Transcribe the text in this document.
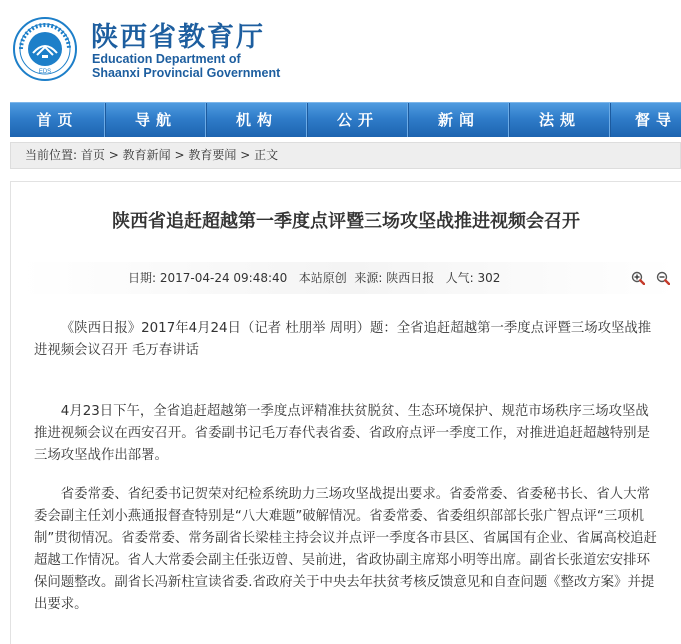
EDS
陕西省教育厅
Education Department of
Shaanxi Provincial Government
首页	导航	机构	公开	新闻	法规	督导
当前位置: 首页 > 教育新闻 > 教育要闻 > 正文
陕西省追赶超越第一季度点评暨三场攻坚战推进视频会召开
日期: 2017-04-24 09:48:40   本站原创  来源: 陕西日报   人气: 302

《陕西日报》2017年4月24日（记者 杜朋举 周明）题：全省追赶超越第一季度点评暨三场攻坚战推进视频会议召开 毛万春讲话

4月23日下午，全省追赶超越第一季度点评精准扶贫脱贫、生态环境保护、规范市场秩序三场攻坚战推进视频会议在西安召开。省委副书记毛万春代表省委、省政府点评一季度工作，对推进追赶超越特别是三场攻坚战作出部署。

省委常委、省纪委书记贺荣对纪检系统助力三场攻坚战提出要求。省委常委、省委秘书长、省人大常委会副主任刘小燕通报督查特别是“八大难题”破解情况。省委常委、省委组织部部长张广智点评“三项机制”贯彻情况。省委常委、常务副省长梁桂主持会议并点评一季度各市县区、省属国有企业、省属高校追赶超越工作情况。省人大常委会副主任张迈曾、吴前进，省政协副主席郑小明等出席。副省长张道宏安排环保问题整改。副省长冯新柱宣读省委.省政府关于中央去年扶贫考核反馈意见和自查问题《整改方案》并提出要求。
